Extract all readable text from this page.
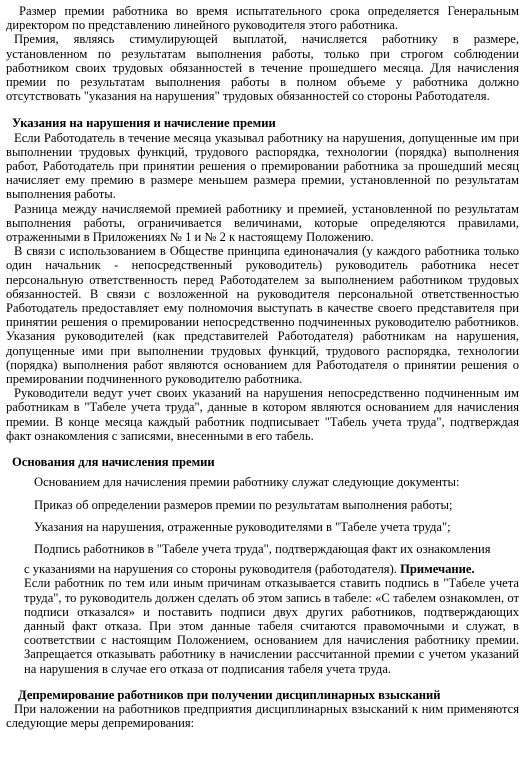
Размер премии работника во время испытательного срока определяется Генеральным директором по представлению линейного руководителя этого работника.

Премия, являясь стимулирующей выплатой, начисляется работнику в размере, установленном по результатам выполнения работы, только при строгом соблюдении работником своих трудовых обязанностей в течение прошедшего месяца. Для начисления премии по результатам выполнения работы в полном объеме у работника должно отсутствовать "указания на нарушения" трудовых обязанностей со стороны Работодателя.

Указания на нарушения и начисление премии

Если Работодатель в течение месяца указывал работнику на нарушения, допущенные им при выполнении трудовых функций, трудового распорядка, технологии (порядка) выполнения работ, Работодатель при принятии решения о премировании работника за прошедший месяц начисляет ему премию в размере меньшем размера премии, установленной по результатам выполнения работы.

Разница между начисляемой премией работнику и премией, установленной по результатам выполнения работы, ограничивается величинами, которые определяются правилами, отраженными в Приложениях № 1 и № 2 к настоящему Положению.

В связи с использованием в Обществе принципа единоначалия (у каждого работника только один начальник - непосредственный руководитель) руководитель работника несет персональную ответственность перед Работодателем за выполнением работником трудовых обязанностей. В связи с возложенной на руководителя персональной ответственностью Работодатель предоставляет ему полномочия выступать в качестве своего представителя при принятии решения о премировании непосредственно подчиненных руководителю работников. Указания руководителей (как представителей Работодателя) работникам на нарушения, допущенные ими при выполнении трудовых функций, трудового распорядка, технологии (порядка) выполнения работ являются основанием для Работодателя о принятии решения о премировании подчиненного руководителю работника.

Руководители ведут учет своих указаний на нарушения непосредственно подчиненным им работникам в "Табеле учета труда", данные в котором являются основанием для начисления премии. В конце месяца каждый работник подписывает "Табель учета труда", подтверждая факт ознакомления с записями, внесенными в его табель.

Основания для начисления премии

Основанием для начисления премии работнику служат следующие документы:

Приказ об определении размеров премии по результатам выполнения работы;

Указания на нарушения, отраженные руководителями в "Табеле учета труда";

Подпись работников в "Табеле учета труда", подтверждающая факт их ознакомления

с указаниями на нарушения со стороны руководителя (работодателя). Примечание.

Если работник по тем или иным причинам отказывается ставить подпись в "Табеле учета труда", то руководитель должен сделать об этом запись в табеле: «С табелем ознакомлен, от подписи отказался» и поставить подписи двух других работников, подтверждающих данный факт отказа. При этом данные табеля считаются правомочными и служат, в соответствии с настоящим Положением, основанием для начисления работнику премии. Запрещается отказывать работнику в начислении рассчитанной премии с учетом указаний на нарушения в случае его отказа от подписания табеля учета труда.

Депремирование работников при получении дисциплинарных взысканий

При наложении на работников предприятия дисциплинарных взысканий к ним применяются следующие меры депремирования:
